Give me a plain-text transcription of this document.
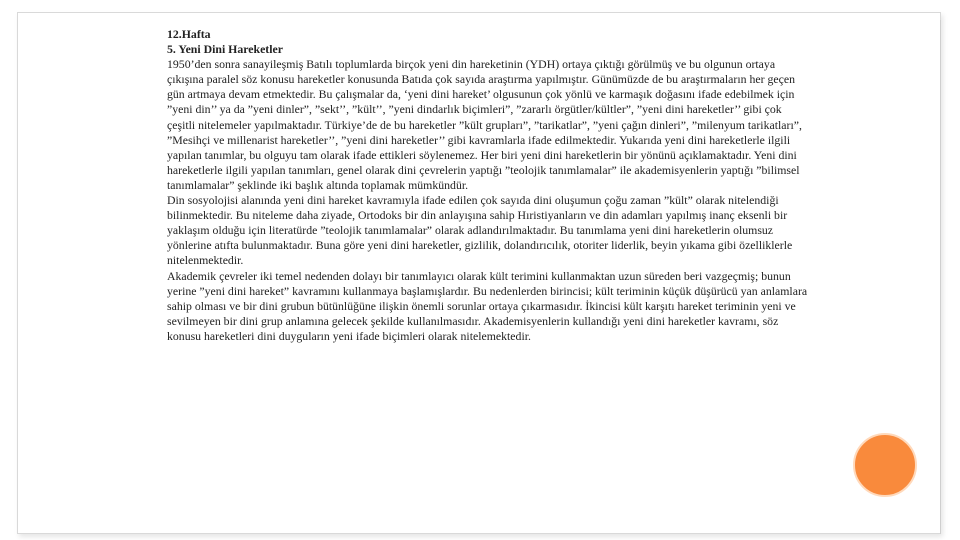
12.Hafta

5. Yeni Dini Hareketler

1950’den sonra sanayileşmiş Batılı toplumlarda birçok yeni din hareketinin (YDH) ortaya çıktığı görülmüş ve bu olgunun ortaya çıkışına paralel söz konusu hareketler konusunda Batıda çok sayıda araştırma yapılmıştır. Günümüzde de bu araştırmaların her geçen gün artmaya devam etmektedir. Bu çalışmalar da, ‘yeni dini hareket’ olgusunun çok yönlü ve karmaşık doğasını ifade edebilmek için ”yeni din’’ ya da ”yeni dinler”, ”sekt’’, ”kült’’, ”yeni dindarlık biçimleri”, ”zararlı örgütler/kültler”, ”yeni dini hareketler’’ gibi çok çeşitli nitelemeler yapılmaktadır. Türkiye’de de bu hareketler ”kült grupları”, ”tarikatlar”, ”yeni çağın dinleri”, ”milenyum tarikatları”, ”Mesihçi ve millenarist hareketler’’, ”yeni dini hareketler’’ gibi kavramlarla ifade edilmektedir. Yukarıda yeni dini hareketlerle ilgili yapılan tanımlar, bu olguyu tam olarak ifade ettikleri söylenemez. Her biri yeni dini hareketlerin bir yönünü açıklamaktadır. Yeni dini hareketlerle ilgili yapılan tanımları, genel olarak dini çevrelerin yaptığı ”teolojik tanımlamalar” ile akademisyenlerin yaptığı ”bilimsel tanımlamalar” şeklinde iki başlık altında toplamak mümkündür.

Din sosyolojisi alanında yeni dini hareket kavramıyla ifade edilen çok sayıda dini oluşumun çoğu zaman ”kült” olarak nitelendiği bilinmektedir. Bu niteleme daha ziyade, Ortodoks bir din anlayışına sahip Hıristiyanların ve din adamları yapılmış inanç eksenli bir yaklaşım olduğu için literatürde ”teolojik tanımlamalar” olarak adlandırılmaktadır. Bu tanımlama yeni dini hareketlerin olumsuz yönlerine atıfta bulunmaktadır. Buna göre yeni dini hareketler, gizlilik, dolandırıcılık, otoriter liderlik, beyin yıkama gibi özelliklerle nitelenmektedir.

Akademik çevreler iki temel nedenden dolayı bir tanımlayıcı olarak kült terimini kullanmaktan uzun süreden beri vazgeçmiş; bunun yerine ”yeni dini hareket” kavramını kullanmaya başlamışlardır. Bu nedenlerden birincisi; kült teriminin küçük düşürücü yan anlamlara sahip olması ve bir dini grubun bütünlüğüne ilişkin önemli sorunlar ortaya çıkarmasıdır. İkincisi kült karşıtı hareket teriminin yeni ve sevilmeyen bir dini grup anlamına gelecek şekilde kullanılmasıdır. Akademisyenlerin kullandığı yeni dini hareketler kavramı, söz konusu hareketleri dini duyguların yeni ifade biçimleri olarak nitelemektedir.
